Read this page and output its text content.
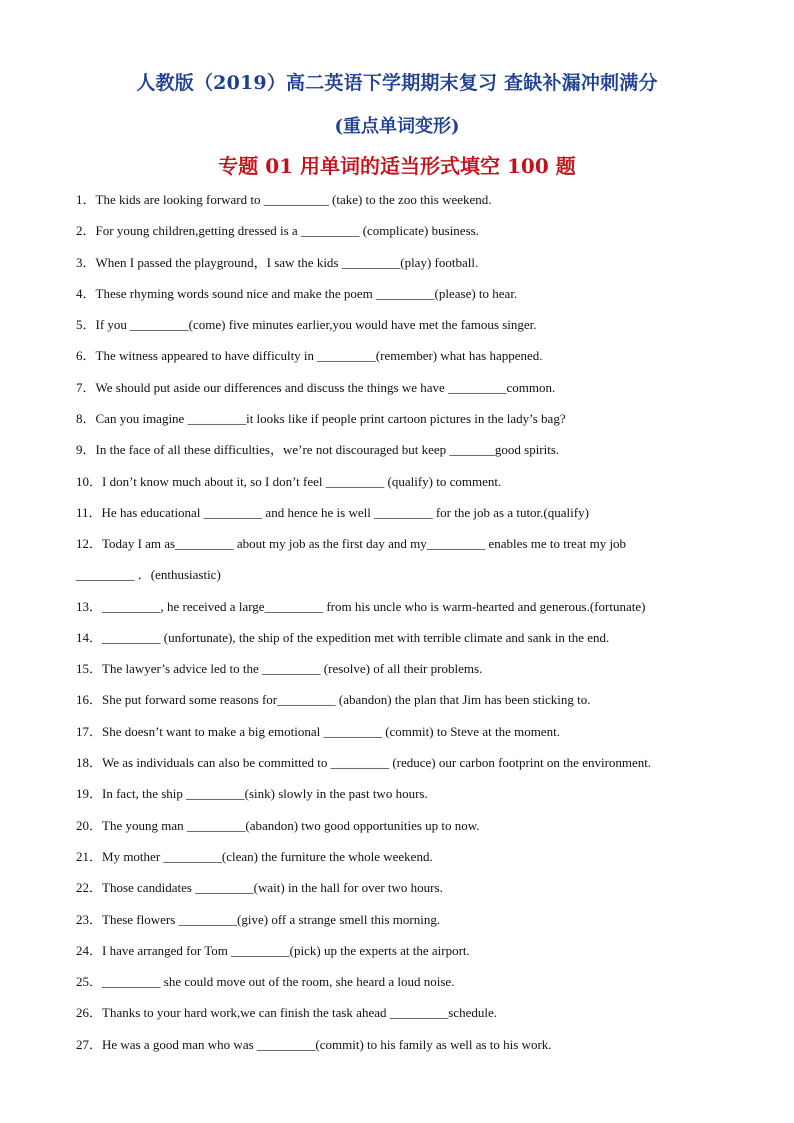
人教版（2019）高二英语下学期期末复习 查缺补漏冲刺满分
(重点单词变形)
专题 01 用单词的适当形式填空 100 题
1．The kids are looking forward to __________ (take) to the zoo this weekend.
2．For young children,getting dressed is a _________ (complicate) business.
3．When I passed the playground，I saw the kids _________(play) football.
4．These rhyming words sound nice and make the poem _________(please) to hear.
5．If you _________(come) five minutes earlier,you would have met the famous singer.
6．The witness appeared to have difficulty in _________(remember) what has happened.
7．We should put aside our differences and discuss the things we have _________common.
8．Can you imagine _________it looks like if people print cartoon pictures in the lady’s bag?
9．In the face of all these difficulties，we’re not discouraged but keep _______good spirits.
10．I don’t know much about it, so I don’t feel _________ (qualify) to comment.
11．He has educational _________ and hence he is well _________ for the job as a tutor.(qualify)
12．Today I am as_________ about my job as the first day and my_________ enables me to treat my job
_________ ．(enthusiastic)
13．_________, he received a large_________ from his uncle who is warm-hearted and generous.(fortunate)
14．_________ (unfortunate), the ship of the expedition met with terrible climate and sank in the end.
15．The lawyer’s advice led to the _________ (resolve) of all their problems.
16．She put forward some reasons for_________ (abandon) the plan that Jim has been sticking to.
17．She doesn’t want to make a big emotional _________ (commit) to Steve at the moment.
18．We as individuals can also be committed to _________ (reduce) our carbon footprint on the environment.
19．In fact, the ship _________(sink) slowly in the past two hours.
20．The young man _________(abandon) two good opportunities up to now.
21．My mother _________(clean) the furniture the whole weekend.
22．Those candidates _________(wait) in the hall for over two hours.
23．These flowers _________(give) off a strange smell this morning.
24．I have arranged for Tom _________(pick) up the experts at the airport.
25．_________ she could move out of the room, she heard a loud noise.
26．Thanks to your hard work,we can finish the task ahead _________schedule.
27．He was a good man who was _________(commit) to his family as well as to his work.
